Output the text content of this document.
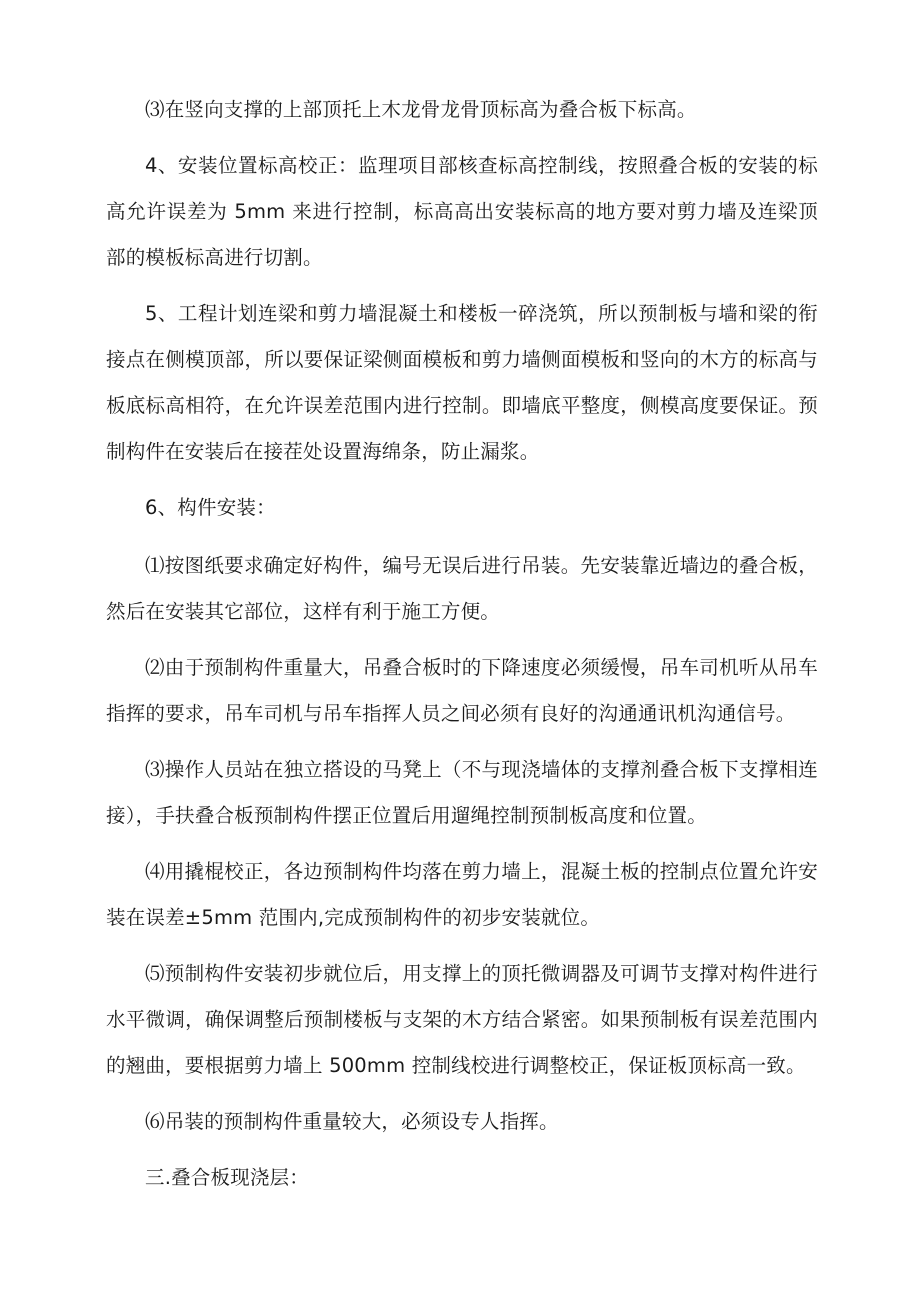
⑶在竖向支撑的上部顶托上木龙骨龙骨顶标高为叠合板下标高。

4、安装位置标高校正：监理项目部核查标高控制线，按照叠合板的安装的标高允许误差为 5mm 来进行控制，标高高出安装标高的地方要对剪力墙及连梁顶部的模板标高进行切割。

5、工程计划连梁和剪力墙混凝土和楼板一碎浇筑，所以预制板与墙和梁的衔接点在侧模顶部，所以要保证梁侧面模板和剪力墙侧面模板和竖向的木方的标高与板底标高相符，在允许误差范围内进行控制。即墙底平整度，侧模高度要保证。预制构件在安装后在接茬处设置海绵条，防止漏浆。

6、构件安装：

⑴按图纸要求确定好构件，编号无误后进行吊装。先安装靠近墙边的叠合板，然后在安装其它部位，这样有利于施工方便。

⑵由于预制构件重量大，吊叠合板时的下降速度必须缓慢，吊车司机听从吊车指挥的要求，吊车司机与吊车指挥人员之间必须有良好的沟通通讯机沟通信号。

⑶操作人员站在独立搭设的马凳上（不与现浇墙体的支撑剂叠合板下支撑相连接），手扶叠合板预制构件摆正位置后用遛绳控制预制板高度和位置。

⑷用撬棍校正，各边预制构件均落在剪力墙上，混凝土板的控制点位置允许安装在误差±5mm 范围内,完成预制构件的初步安装就位。

⑸预制构件安装初步就位后，用支撑上的顶托微调器及可调节支撑对构件进行水平微调，确保调整后预制楼板与支架的木方结合紧密。如果预制板有误差范围内的翘曲，要根据剪力墙上 500mm 控制线校进行调整校正，保证板顶标高一致。

⑹吊装的预制构件重量较大，必须设专人指挥。

三.叠合板现浇层：
